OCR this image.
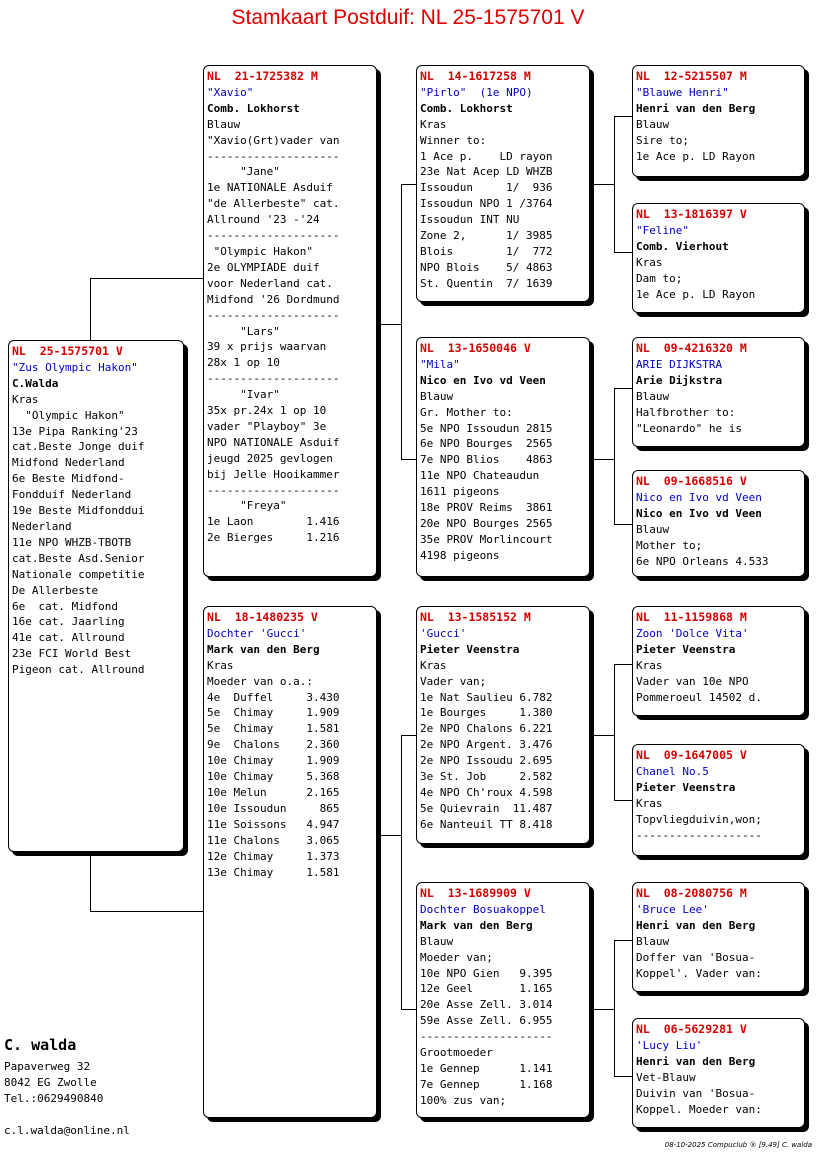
Stamkaart Postduif: NL 25-1575701 V
NL  25-1575701 V
"Zus Olympic Hakon"
C.Walda
Kras
"Olympic Hakon"
13e Pipa Ranking'23
cat.Beste Jonge duif
Midfond Nederland
6e Beste Midfond-
Fondduif Nederland
19e Beste Midfonddui
Nederland
11e NPO WHZB-TBOTB
cat.Beste Asd.Senior
Nationale competitie
De Allerbeste
6e  cat. Midfond
16e cat. Jaarling
41e cat. Allround
23e FCI World Best
Pigeon cat. Allround
NL  21-1725382 M
"Xavio"
Comb. Lokhorst
Blauw
"Xavio(Grt)vader van
--------------------
"Jane"
1e NATIONALE Asduif
"de Allerbeste" cat.
Allround '23 -'24
--------------------
"Olympic Hakon"
2e OLYMPIADE duif
voor Nederland cat.
Midfond '26 Dordmund
--------------------
"Lars"
39 x prijs waarvan
28x 1 op 10
--------------------
"Ivar"
35x pr.24x 1 op 10
vader "Playboy" 3e
NPO NATIONALE Asduif
jeugd 2025 gevlogen
bij Jelle Hooikammer
--------------------
"Freya"
1e Laon        1.416
2e Bierges     1.216
NL  18-1480235 V
Dochter 'Gucci'
Mark van den Berg
Kras
Moeder van o.a.:
4e  Duffel     3.430
5e  Chimay     1.909
5e  Chimay     1.581
9e  Chalons    2.360
10e Chimay     1.909
10e Chimay     5.368
10e Melun      2.165
10e Issoudun     865
11e Soissons   4.947
11e Chalons    3.065
12e Chimay     1.373
13e Chimay     1.581
NL  14-1617258 M
"Pirlo"  (1e NPO)
Comb. Lokhorst
Kras
Winner to:
1 Ace p.    LD rayon
23e Nat Acep LD WHZB
Issoudun     1/  936
Issoudun NPO 1 /3764
Issoudun INT NU
Zone 2,      1/ 3985
Blois        1/  772
NPO Blois    5/ 4863
St. Quentin  7/ 1639
NL  13-1650046 V
"Mila"
Nico en Ivo vd Veen
Blauw
Gr. Mother to:
5e NPO Issoudun 2815
6e NPO Bourges  2565
7e NPO Blios    4863
11e NPO Chateaudun
1611 pigeons
18e PROV Reims  3861
20e NPO Bourges 2565
35e PROV Morlincourt
4198 pigeons
NL  13-1585152 M
'Gucci'
Pieter Veenstra
Kras
Vader van;
1e Nat Saulieu 6.782
1e Bourges     1.380
2e NPO Chalons 6.221
2e NPO Argent. 3.476
2e NPO Issoudu 2.695
3e St. Job     2.582
4e NPO Ch'roux 4.598
5e Quievrain  11.487
6e Nanteuil TT 8.418
NL  13-1689909 V
Dochter Bosuakoppel
Mark van den Berg
Blauw
Moeder van;
10e NPO Gien   9.395
12e Geel       1.165
20e Asse Zell. 3.014
59e Asse Zell. 6.955
--------------------
Grootmoeder
1e Gennep      1.141
7e Gennep      1.168
100% zus van;
NL  12-5215507 M
"Blauwe Henri"
Henri van den Berg
Blauw
Sire to;
1e Ace p. LD Rayon
NL  13-1816397 V
"Feline"
Comb. Vierhout
Kras
Dam to;
1e Ace p. LD Rayon
NL  09-4216320 M
ARIE DIJKSTRA
Arie Dijkstra
Blauw
Halfbrother to:
"Leonardo" he is
NL  09-1668516 V
Nico en Ivo vd Veen
Nico en Ivo vd Veen
Blauw
Mother to;
6e NPO Orleans 4.533
NL  11-1159868 M
Zoon 'Dolce Vita'
Pieter Veenstra
Kras
Vader van 10e NPO
Pommeroeul 14502 d.
NL  09-1647005 V
Chanel No.5
Pieter Veenstra
Kras
Topvliegduivin,won;
-------------------
NL  08-2080756 M
'Bruce Lee'
Henri van den Berg
Blauw
Doffer van 'Bosua-
Koppel'. Vader van:
NL  06-5629281 V
'Lucy Liu'
Henri van den Berg
Vet-Blauw
Duivin van 'Bosua-
Koppel. Moeder van:
C. walda
Papaverweg 32
8042 EG Zwolle
Tel.:0629490840
c.l.walda@online.nl
08-10-2025 Compuclub ® [9.49] C. walda
